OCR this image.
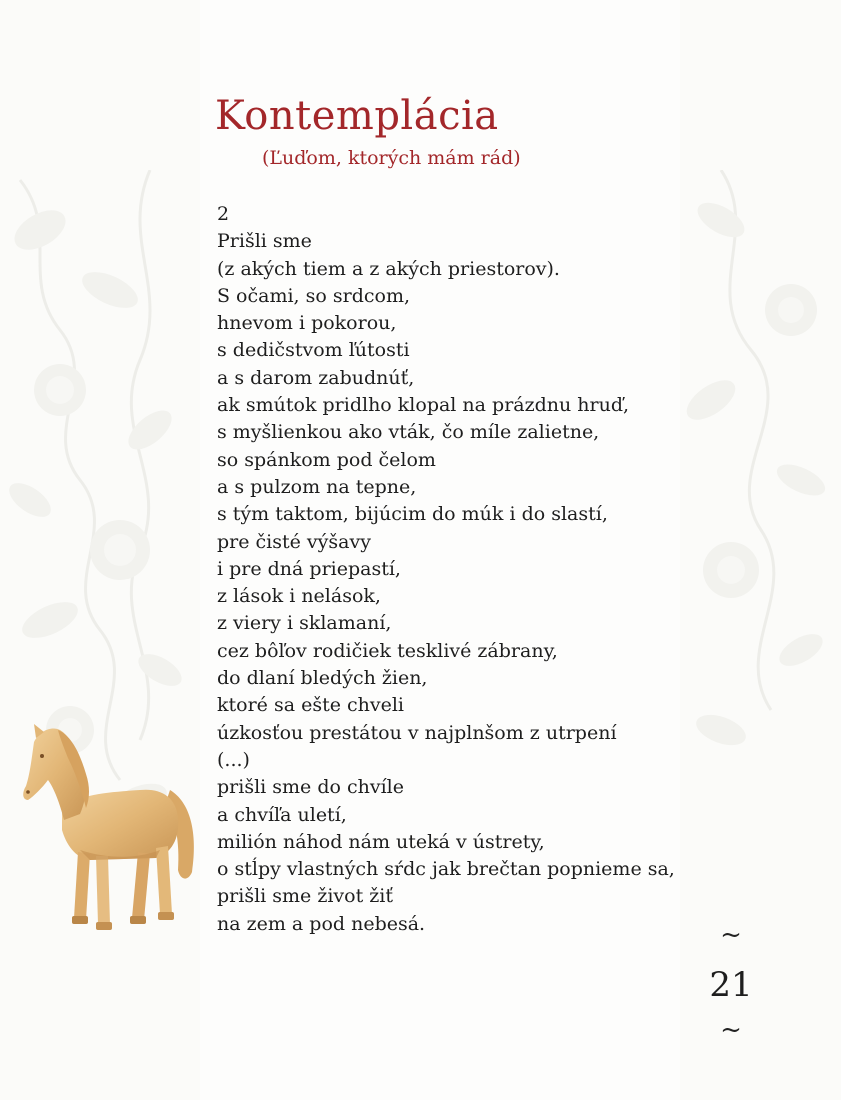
Kontemplácia
(Ľuďom, ktorých mám rád)
2
Prišli sme
(z akých tiem a z akých priestorov).
S očami, so srdcom,
hnevom i pokorou,
s dedičstvom ľútosti
a s darom zabudnúť,
ak smútok pridlho klopal na prázdnu hruď,
s myšlienkou ako vták, čo míle zalietne,
so spánkom pod čelom
a s pulzom na tepne,
s tým taktom, bijúcim do múk i do slastí,
pre čisté výšavy
i pre dná priepastí,
z lások i nelások,
z viery i sklamaní,
cez bôľov rodičiek tesklivé zábrany,
do dlaní bledých žien,
ktoré sa ešte chveli
úzkosťou prestátou v najplnšom z utrpení
(...)
prišli sme do chvíle
a chvíľa uletí,
milión náhod nám uteká v ústrety,
o stĺpy vlastných sŕdc jak brečtan popnieme sa,
prišli sme život žiť
na zem a pod nebesá.	~
21
~
